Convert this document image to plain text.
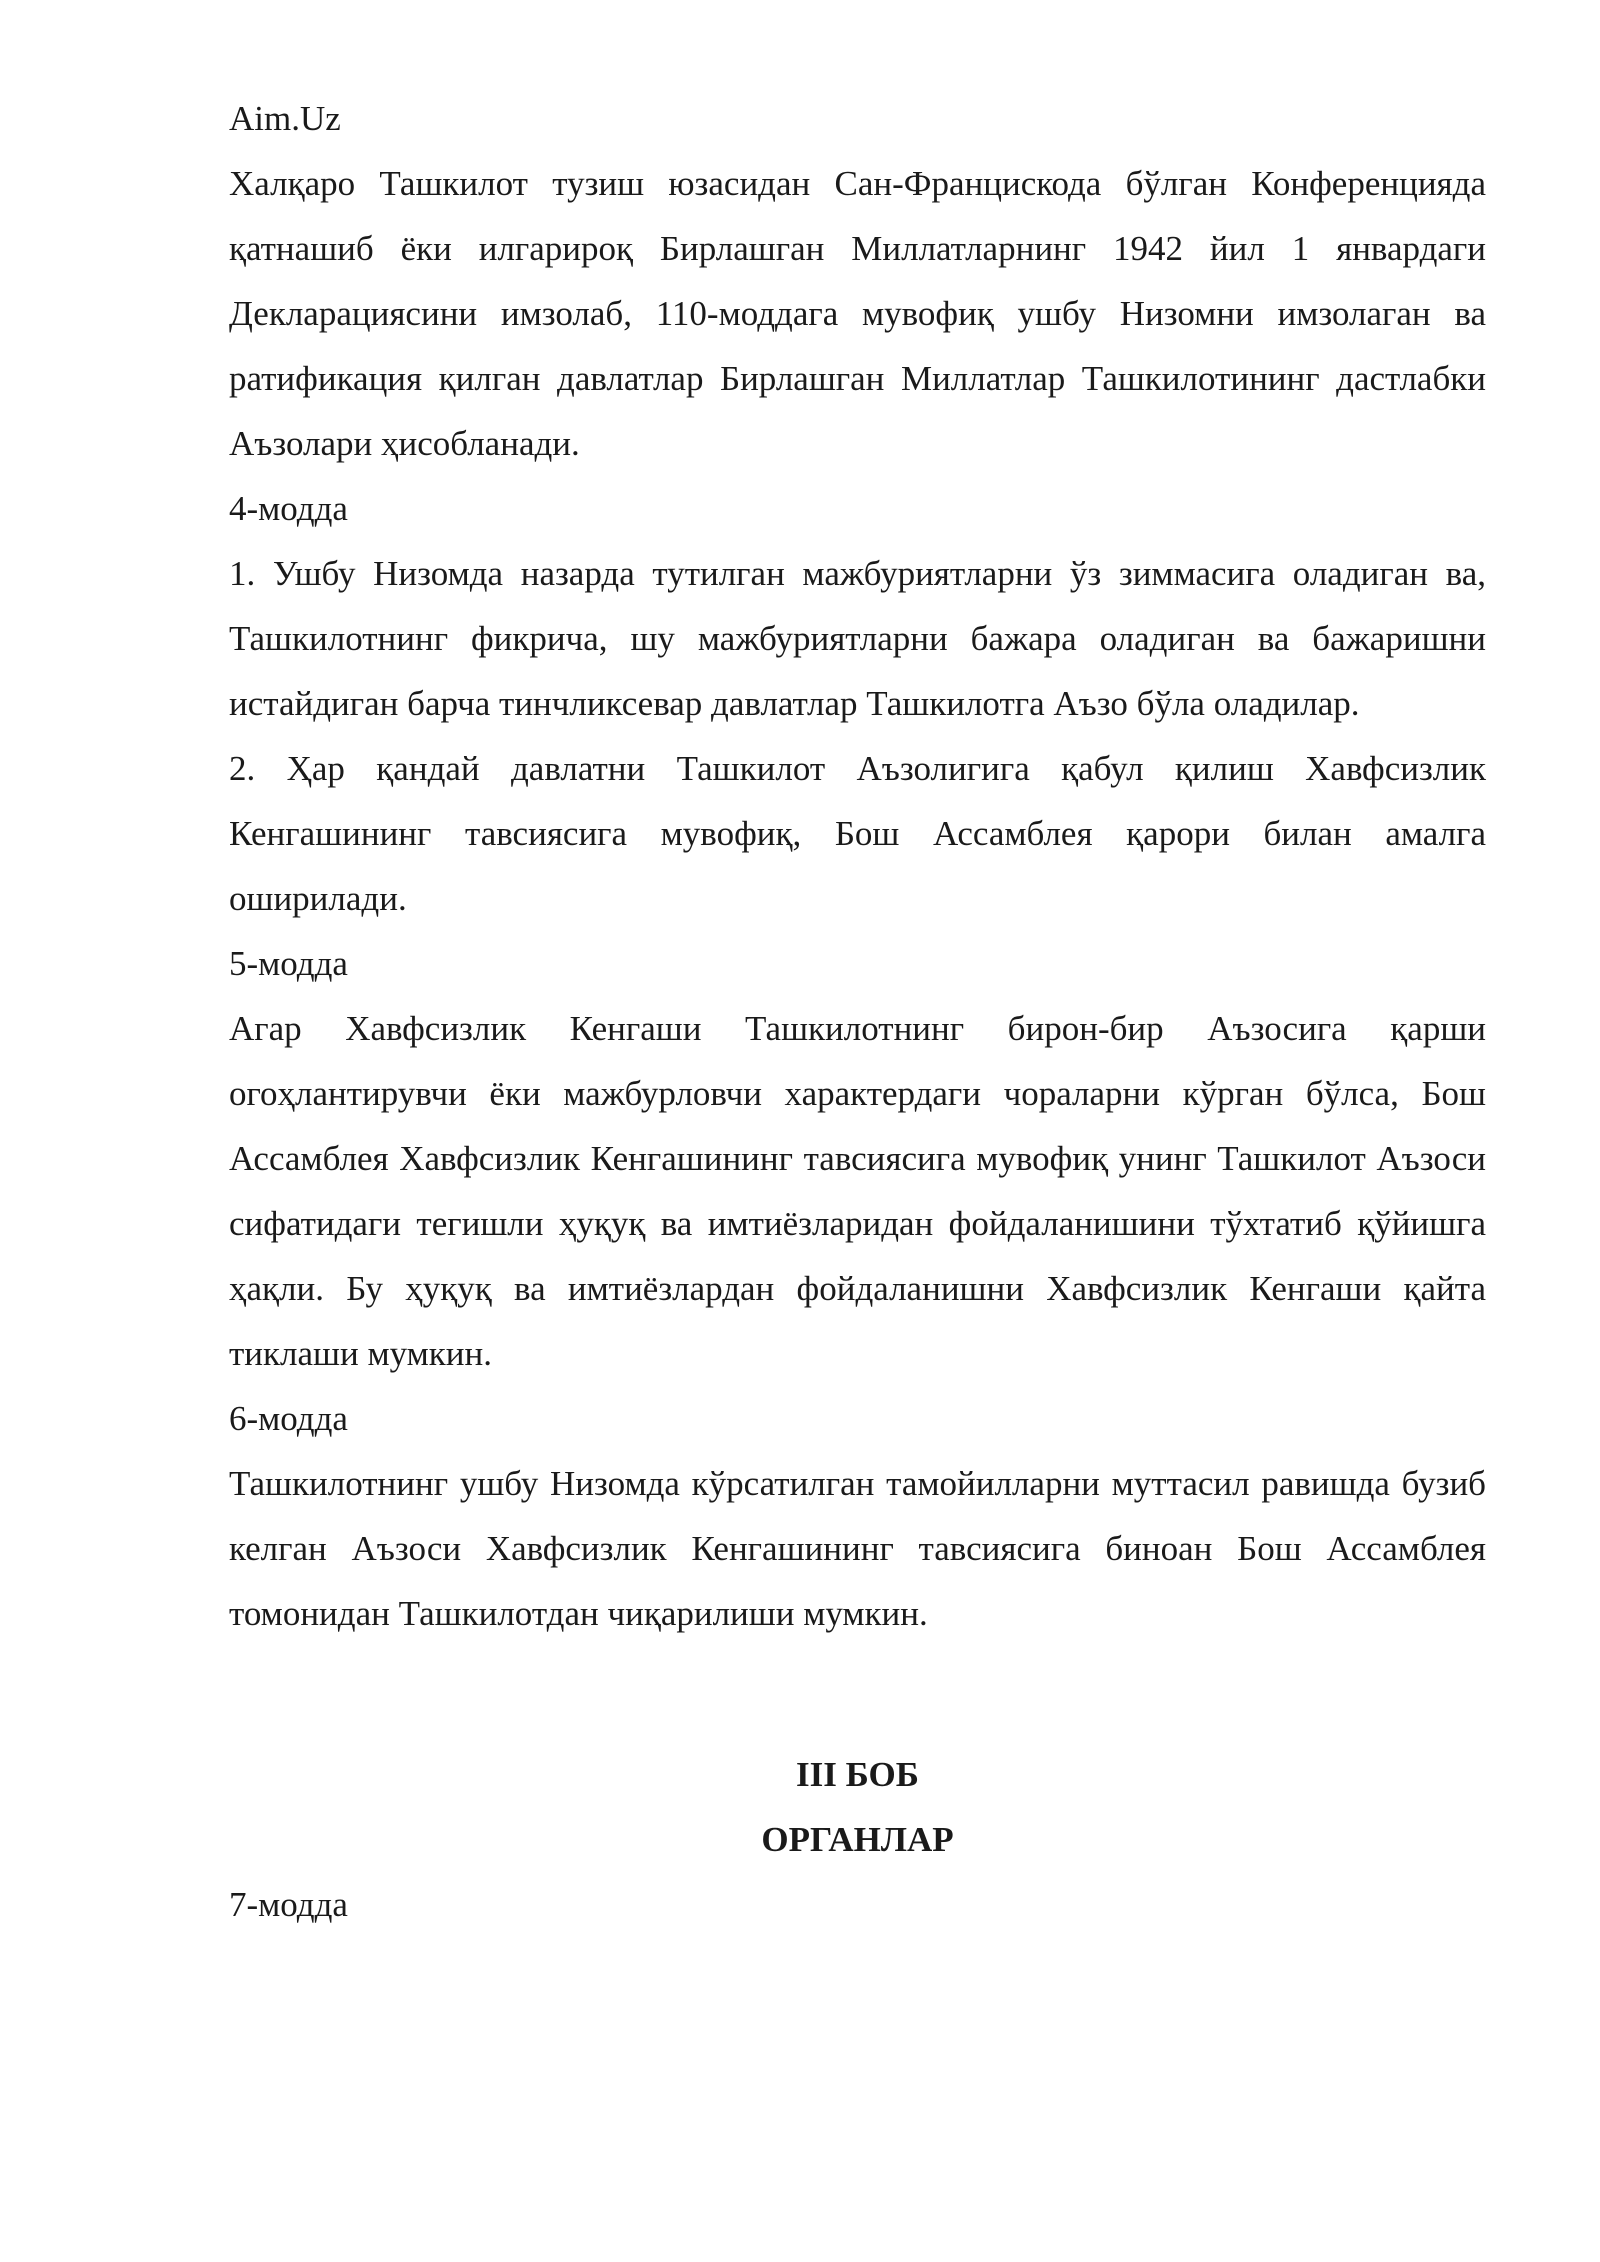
Aim.Uz

Халқаро Ташкилот тузиш юзасидан Сан-Францискода бўлган Конференцияда қатнашиб ёки илгарироқ Бирлашган Миллатларнинг 1942 йил 1 январдаги Декларациясини имзолаб, 110-моддага мувофиқ ушбу Низомни имзолаган ва ратификация қилган давлатлар Бирлашган Миллатлар Ташкилотининг дастлабки Аъзолари ҳисобланади.

4-модда

1. Ушбу Низомда назарда тутилган мажбуриятларни ўз зиммасига оладиган ва, Ташкилотнинг фикрича, шу мажбуриятларни бажара оладиган ва бажаришни истайдиган барча тинчликсевар давлатлар Ташкилотга Аъзо бўла оладилар.

2. Ҳар қандай давлатни Ташкилот Аъзолигига қабул қилиш Хавфсизлик Кенгашининг тавсиясига мувофиқ, Бош Ассамблея қарори билан амалга оширилади.

5-модда

Агар Хавфсизлик Кенгаши Ташкилотнинг бирон-бир Аъзосига қарши огоҳлантирувчи ёки мажбурловчи характердаги чораларни кўрган бўлса, Бош Ассамблея Хавфсизлик Кенгашининг тавсиясига мувофиқ унинг Ташкилот Аъзоси сифатидаги тегишли ҳуқуқ ва имтиёзларидан фойдаланишини тўхтатиб қўйишга ҳақли. Бу ҳуқуқ ва имтиёзлардан фойдаланишни Хавфсизлик Кенгаши қайта тиклаши мумкин.

6-модда

Ташкилотнинг ушбу Низомда кўрсатилган тамойилларни муттасил равишда бузиб келган Аъзоси Хавфсизлик Кенгашининг тавсиясига биноан Бош Ассамблея томонидан Ташкилотдан чиқарилиши мумкин.

III БОБ

ОРГАНЛАР

7-модда
